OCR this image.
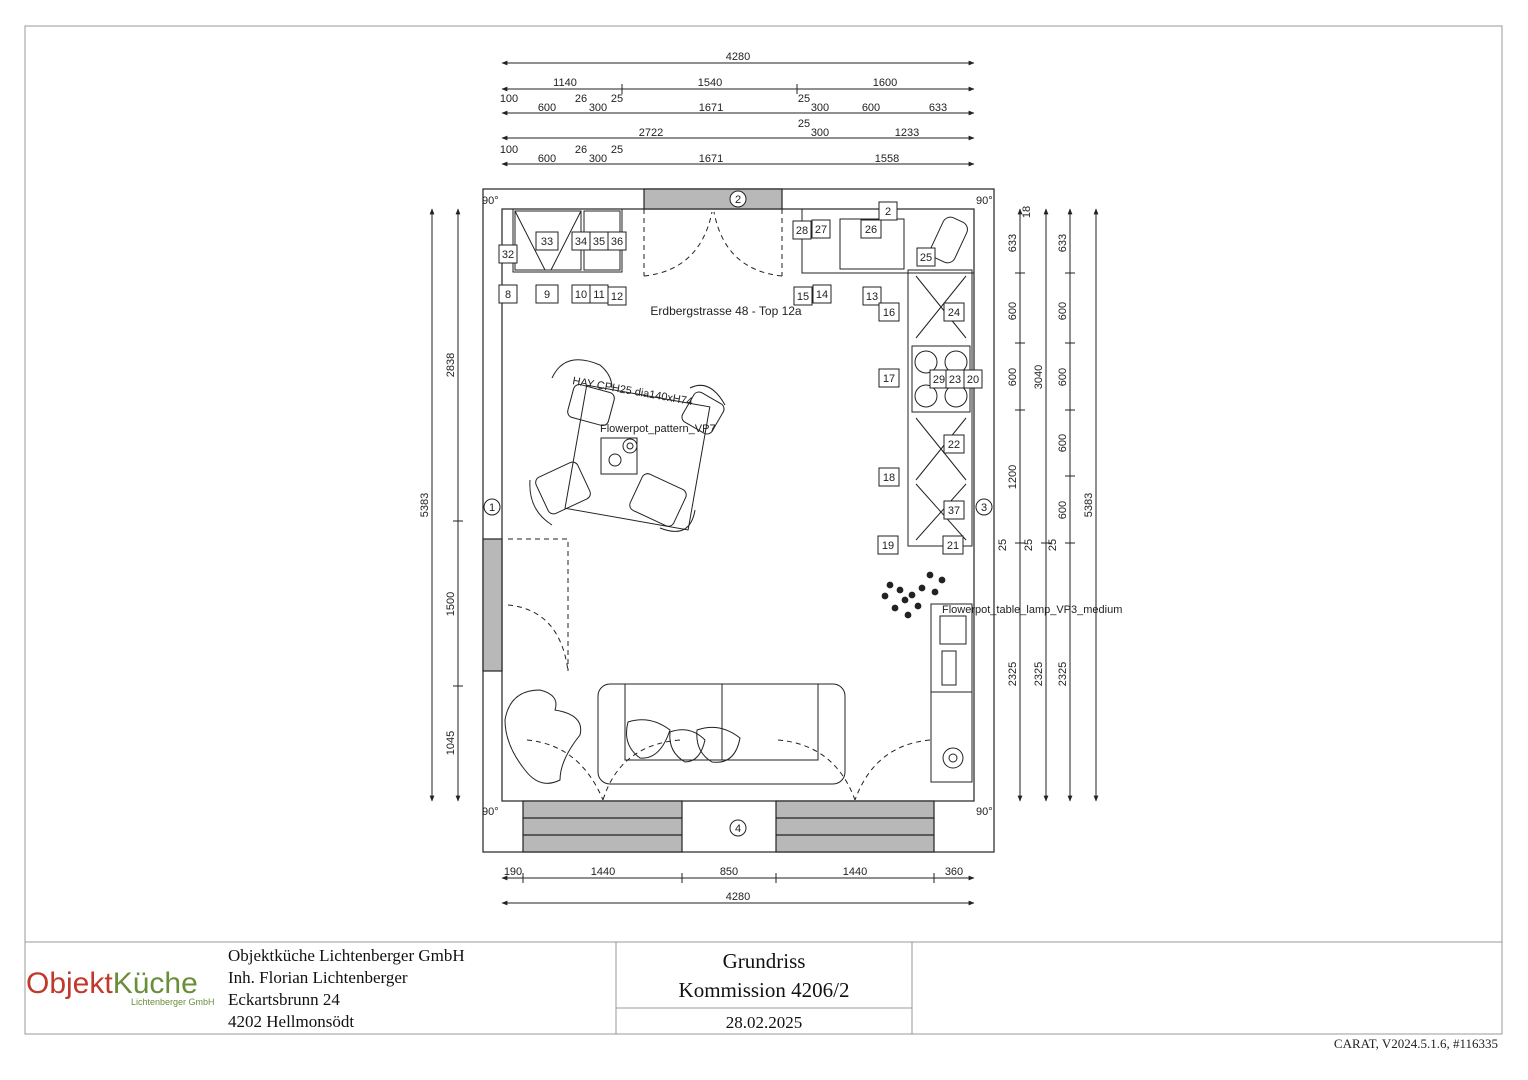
4280
1140	1540	1600
100
600
26
300
25
1671
25
300	600	633
25
2722	300	1233
100
600
26
300
25
1671	1558
90°	90°
90°	90°
1
2
3
4
32
33 34 35 36
8	9 10 11 12
28 27	26
2
25
15 14	13
16	24
17	29 23 20
22
18
37
19	21
Erdbergstrasse 48 - Top 12a
HAY CPH25 dia140xH74
Flowerpot_pattern_VP7
Flowerpot_table_lamp_VP3_medium
190	1440	850	1440	360
4280
5383
2838
1500
1045
18
633
600
600
1200
25
2325
3040
25
2325
633
600
600
600
600
25
2325
5383
ObjektKüche
Lichtenberger GmbH
Objektküche Lichtenberger GmbH
Inh. Florian Lichtenberger
Eckartsbrunn 24
4202 Hellmonsödt
Grundriss
Kommission 4206/2
28.02.2025
CARAT, V2024.5.1.6, #116335
